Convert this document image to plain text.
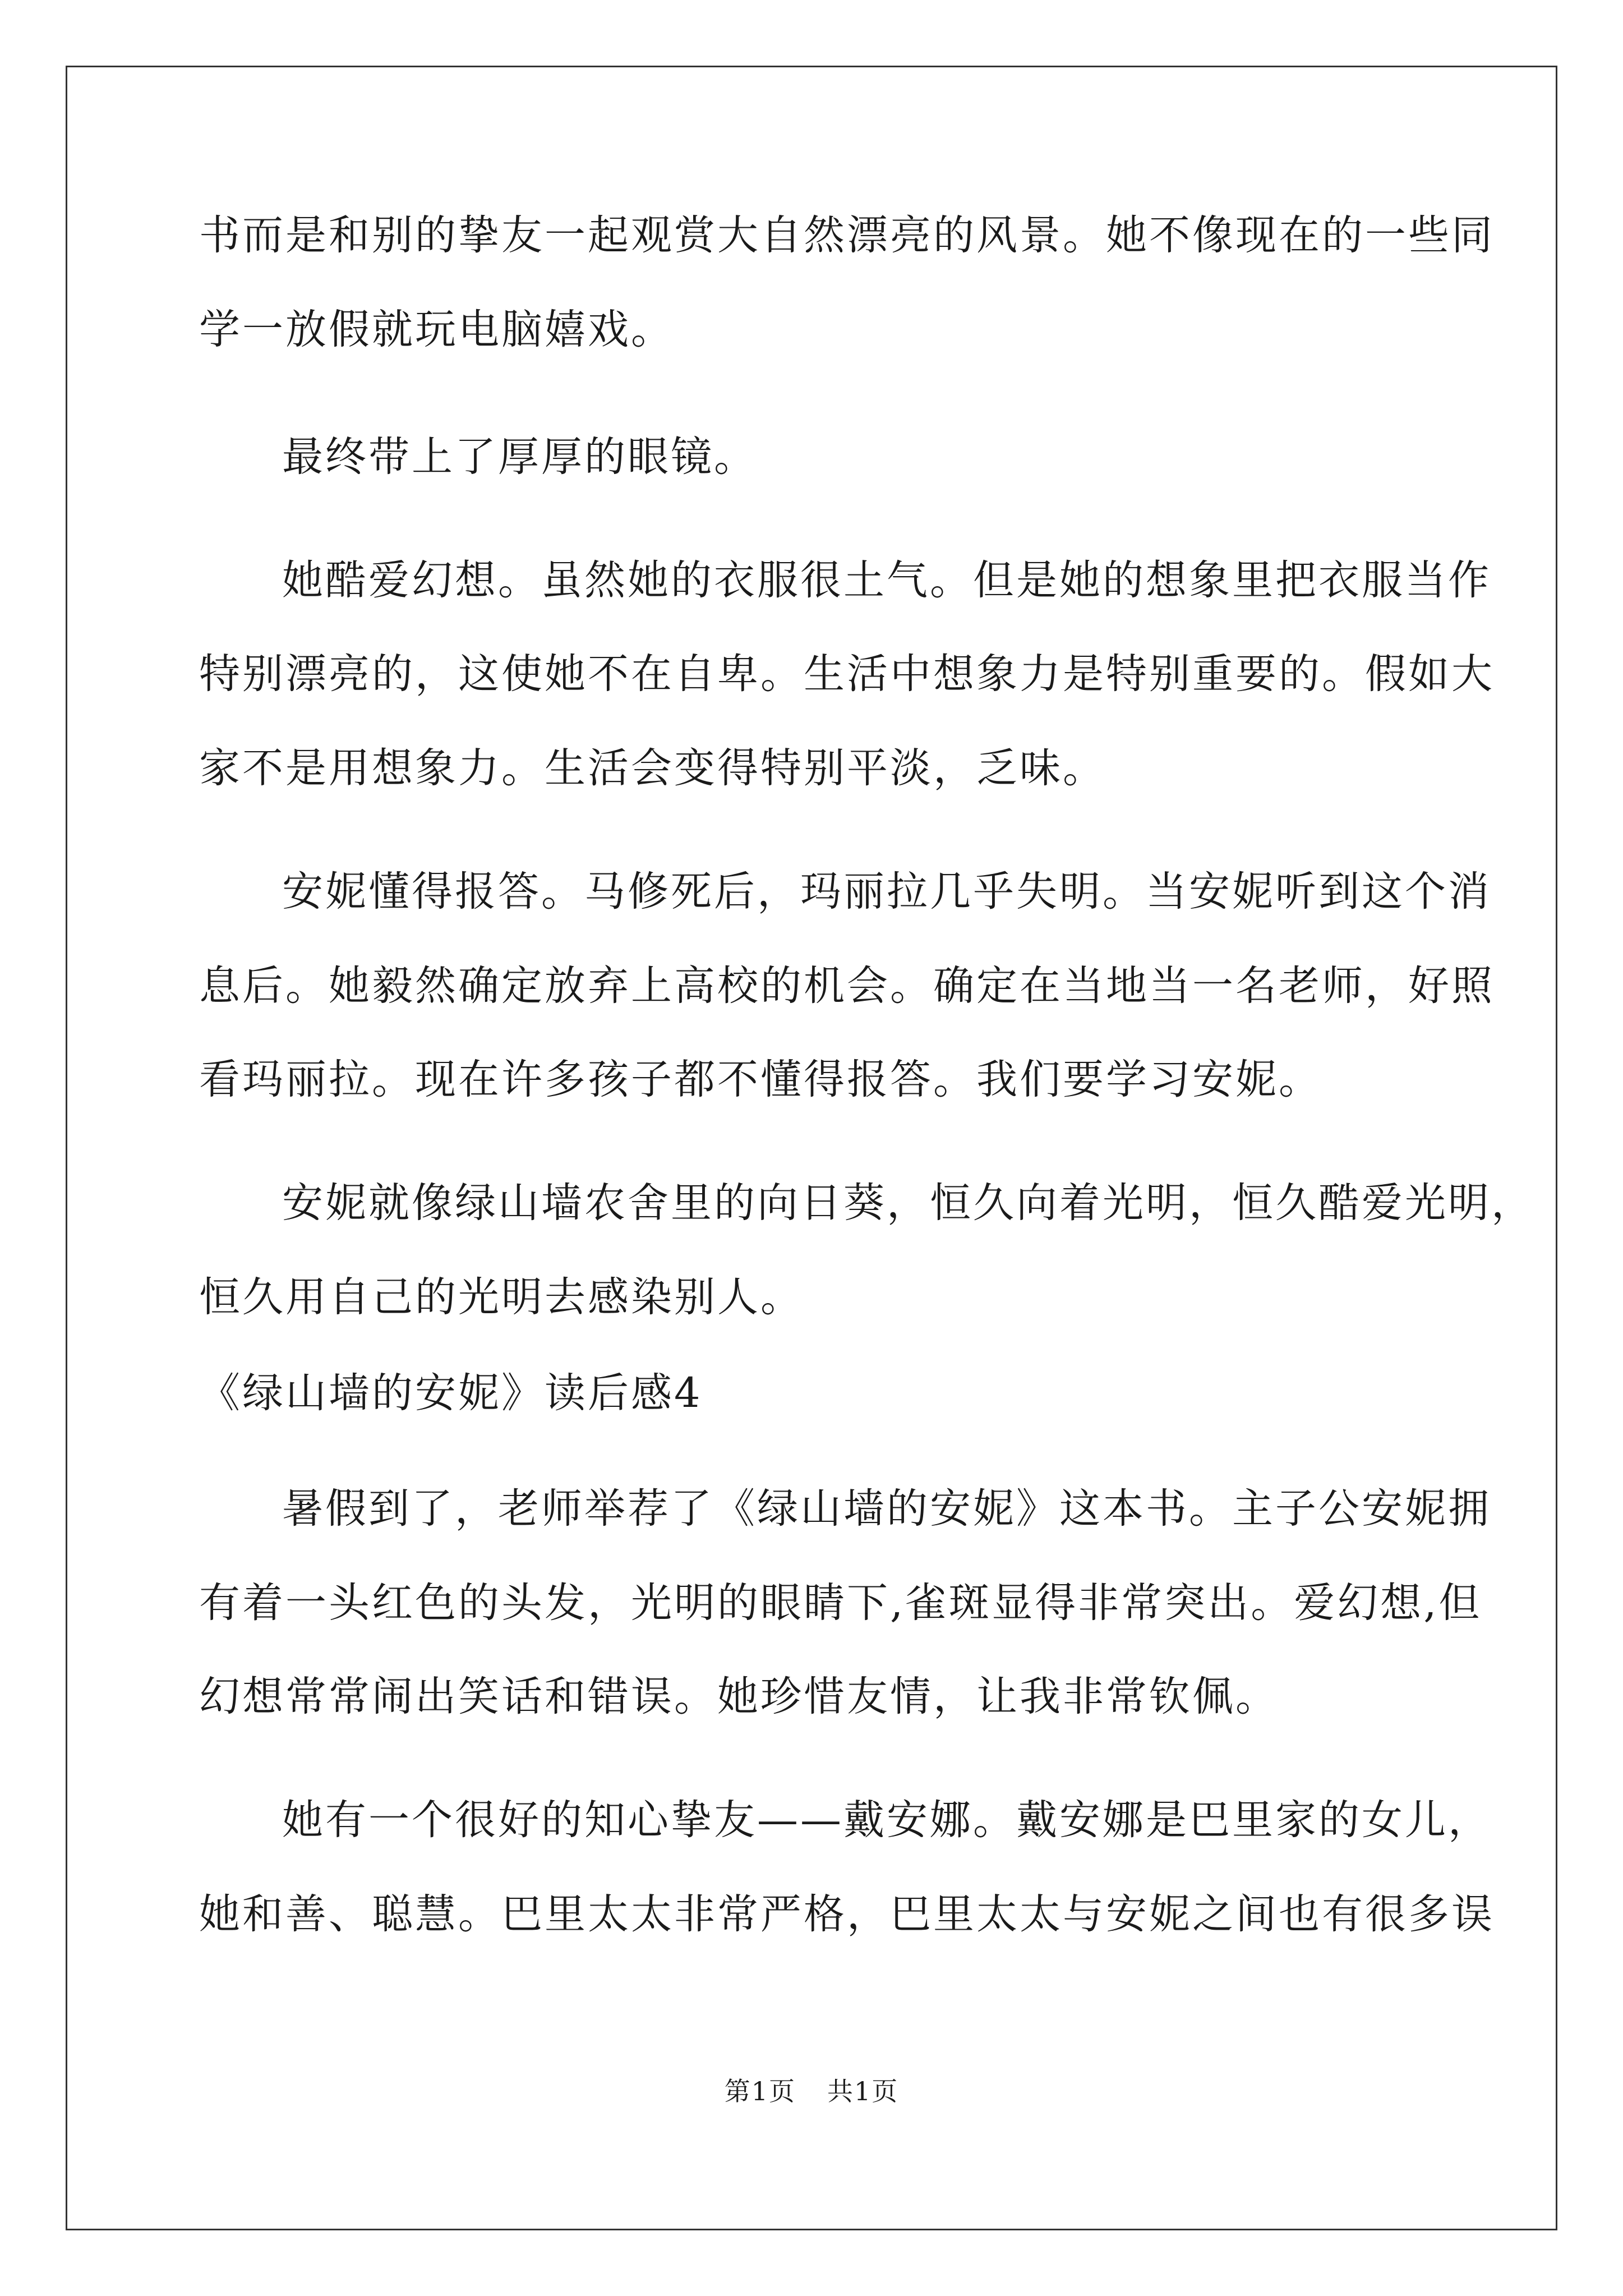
书而是和别的挚友一起观赏大自然漂亮的风景。她不像现在的一些同
学一放假就玩电脑嬉戏。
最终带上了厚厚的眼镜。
她酷爱幻想。虽然她的衣服很土气。但是她的想象里把衣服当作
特别漂亮的，这使她不在自卑。生活中想象力是特别重要的。假如大
家不是用想象力。生活会变得特别平淡，乏味。
安妮懂得报答。马修死后，玛丽拉几乎失明。当安妮听到这个消
息后。她毅然确定放弃上高校的机会。确定在当地当一名老师，好照
看玛丽拉。现在许多孩子都不懂得报答。我们要学习安妮。
安妮就像绿山墙农舍里的向日葵，恒久向着光明，恒久酷爱光明，
恒久用自己的光明去感染别人。
《绿山墙的安妮》读后感4
暑假到了，老师举荐了《绿山墙的安妮》这本书。主子公安妮拥
有着一头红色的头发，光明的眼睛下,雀斑显得非常突出。爱幻想,但
幻想常常闹出笑话和错误。她珍惜友情，让我非常钦佩。
她有一个很好的知心挚友——戴安娜。戴安娜是巴里家的女儿，
她和善、聪慧。巴里太太非常严格，巴里太太与安妮之间也有很多误
第1页 共1页
